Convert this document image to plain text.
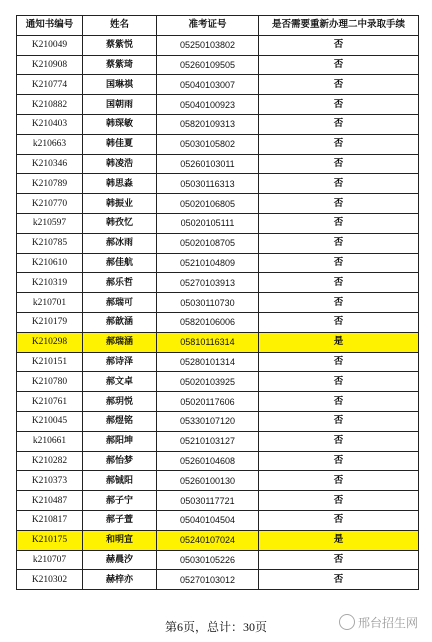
通知书编号	姓名	准考证号	是否需要重新办理二中录取手续
K210049	蔡紫悦	05250103802	否
K210908	蔡紫琦	05260109505	否
K210774	国琳祺	05040103007	否
K210882	国朝雨	05040100923	否
K210403	韩琛敏	05820109313	否
k210663	韩佳夏	05030105802	否
K210346	韩凌浩	05260103011	否
K210789	韩思淼	05030116313	否
K210770	韩振业	05020106805	否
k210597	韩孜忆	05020105111	否
K210785	郝冰雨	05020108705	否
K210610	郝佳航	05210104809	否
K210319	郝乐哲	05270103913	否
k210701	郝瑞可	05030110730	否
K210179	郝歆涵	05820106006	否
K210298	郝瑞涵	05810116314	是
K210151	郝诗泽	05280101314	否
K210780	郝文卓	05020103925	否
K210761	郝玥悦	05020117606	否
K210045	郝煜铭	05330107120	否
k210661	郝阳坤	05210103127	否
K210282	郝怡梦	05260104608	否
K210373	郝铖阳	05260100130	否
K210487	郝子宁	05030117721	否
K210817	郝子萱	05040104504	否
K210175	和明宣	05240107024	是
k210707	赫晨汐	05030105226	否
K210302	赫梓亦	05270103012	否
第6页，总计：30页	邢台招生网
